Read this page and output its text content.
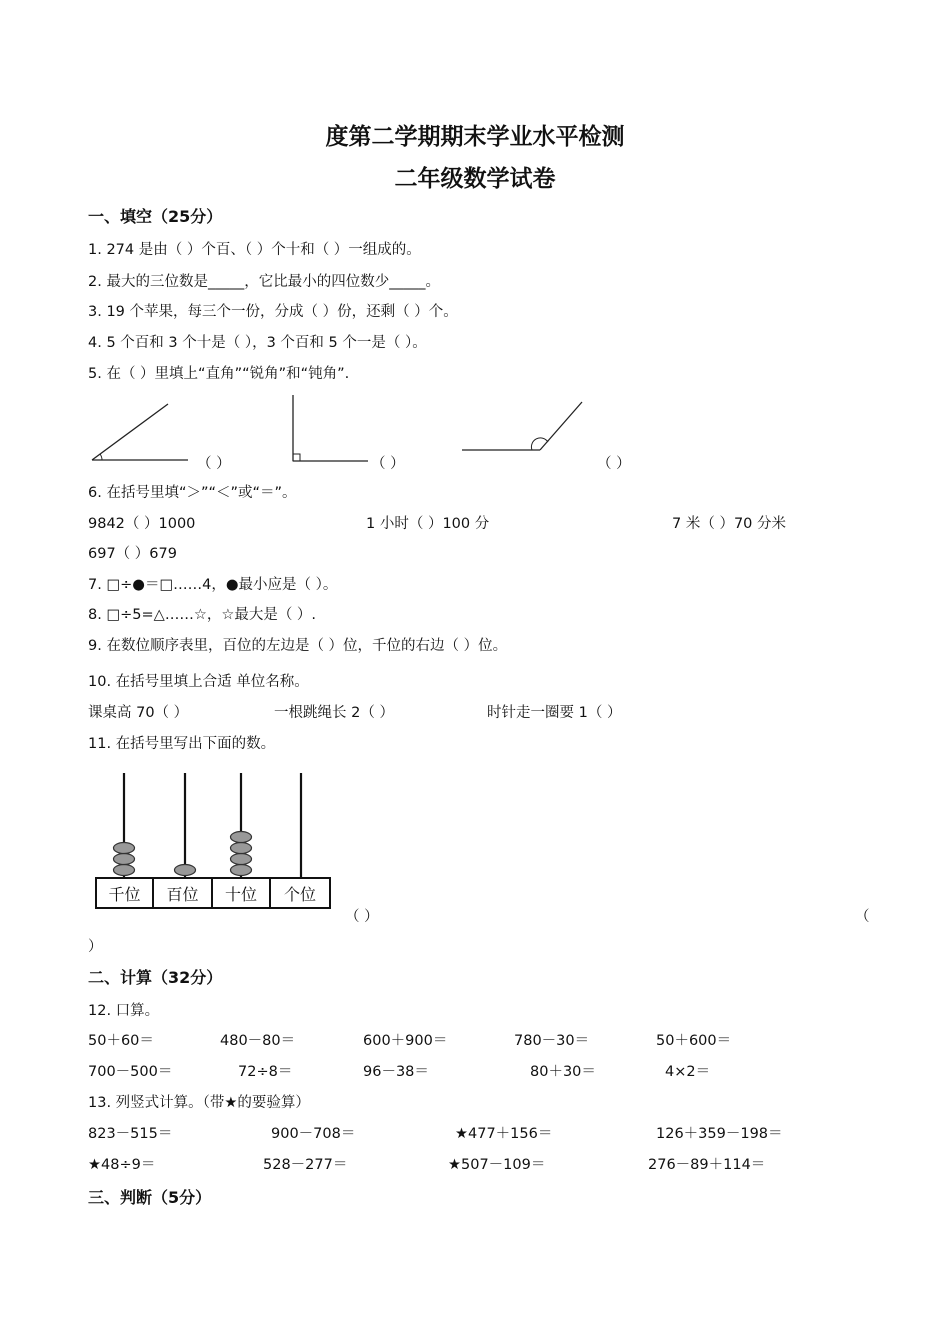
度第二学期期末学业水平检测
二年级数学试卷
一、填空（25分）
1. 274 是由（ ）个百、（ ）个十和（ ）一组成的。
2. 最大的三位数是_____，它比最小的四位数少_____。
3. 19 个苹果，每三个一份，分成（ ）份，还剩（ ）个。
4. 5 个百和 3 个十是（ ），3 个百和 5 个一是（ ）。
5. 在（ ）里填上“直角”“锐角”和“钝角”.
（ ）	（ ）	（ ）
6. 在括号里填“＞”“＜”或“＝”。
9842（ ）1000	1 小时（ ）100 分	7 米（ ）70 分米
697（ ）679
7. □÷●＝□……4，●最小应是（ ）。
8. □÷5=△……☆，☆最大是（ ）.
9. 在数位顺序表里，百位的左边是（ ）位，千位的右边（ ）位。
10. 在括号里填上合适 单位名称。
课桌高 70（ ）	一根跳绳长 2（ ）	时针走一圈要 1（ ）
11. 在括号里写出下面的数。
千位	百位	十位	个位
（ ）	（
）
二、计算（32分）
12. 口算。
50＋60＝	480－80＝	600＋900＝	780－30＝	50＋600＝
700－500＝	72÷8＝	96－38＝	80＋30＝	4×2＝
13. 列竖式计算。（带★的要验算）
823－515＝	900－708＝	★477＋156＝	126＋359－198＝
★48÷9＝	528－277＝	★507－109＝	276－89＋114＝
三、判断（5分）
